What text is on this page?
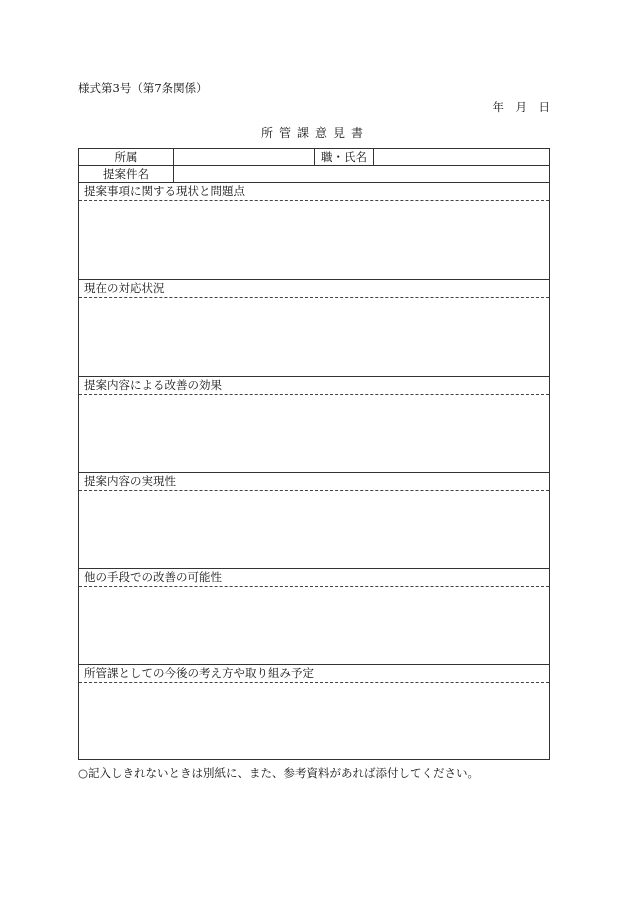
様式第3号（第7条関係）
年　月　日
所管課意見書
所属	職・氏名
提案件名
提案事項に関する現状と問題点
現在の対応状況
提案内容による改善の効果
提案内容の実現性
他の手段での改善の可能性
所管課としての今後の考え方や取り組み予定
○記入しきれないときは別紙に、また、参考資料があれば添付してください。
